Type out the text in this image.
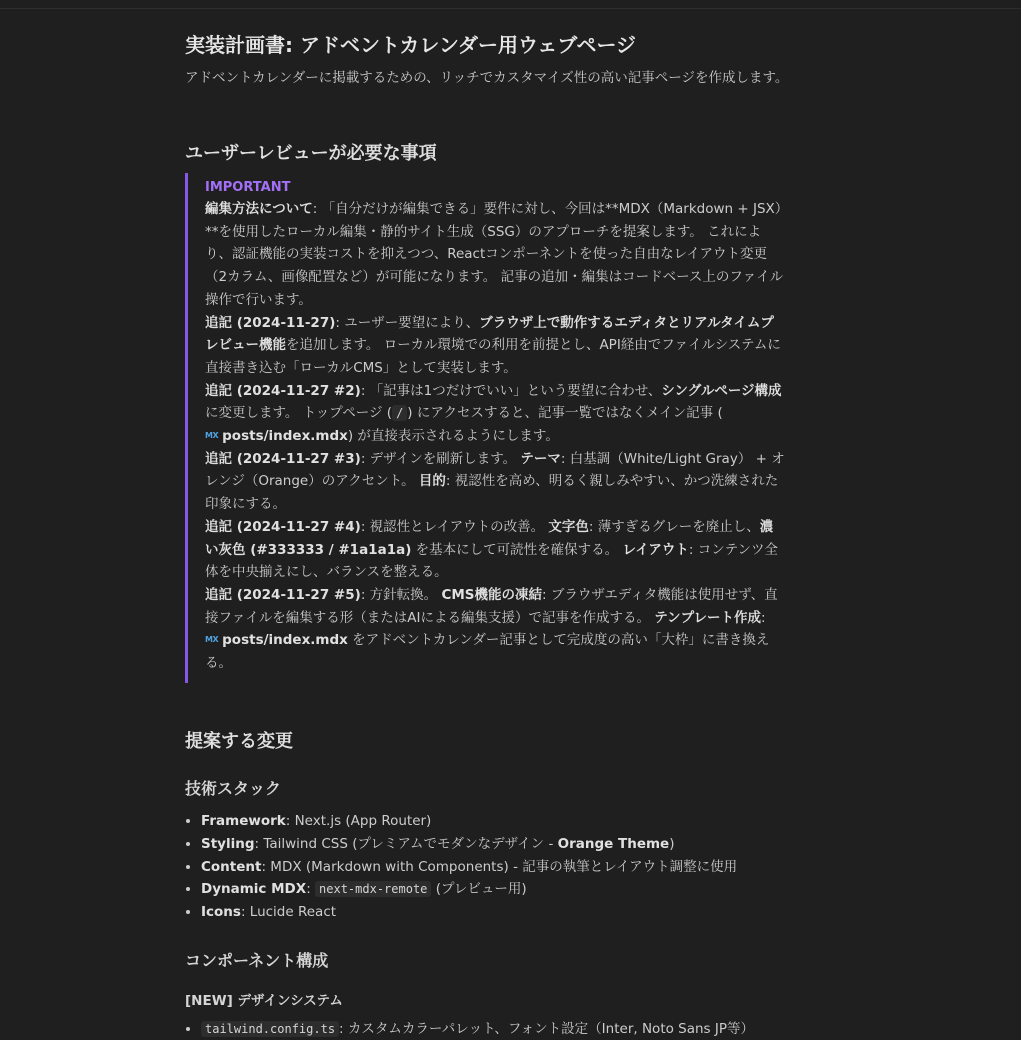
実装計画書: アドベントカレンダー用ウェブページ

アドベントカレンダーに掲載するための、リッチでカスタマイズ性の高い記事ページを作成します。

ユーザーレビューが必要な事項
IMPORTANT

編集方法について: 「自分だけが編集できる」要件に対し、今回は**MDX（Markdown + JSX）**を使用したローカル編集・静的サイト生成（SSG）のアプローチを提案します。 これにより、認証機能の実装コストを抑えつつ、Reactコンポーネントを使った自由なレイアウト変更（2カラム、画像配置など）が可能になります。 記事の追加・編集はコードベース上のファイル操作で行います。

追記 (2024-11-27): ユーザー要望により、ブラウザ上で動作するエディタとリアルタイムプレビュー機能を追加します。 ローカル環境での利用を前提とし、API経由でファイルシステムに直接書き込む「ローカルCMS」として実装します。

追記 (2024-11-27 #2): 「記事は1つだけでいい」という要望に合わせ、シングルページ構成に変更します。 トップページ ( / ) にアクセスすると、記事一覧ではなくメイン記事 (MX posts/index.mdx) が直接表示されるようにします。

追記 (2024-11-27 #3): デザインを刷新します。 テーマ: 白基調（White/Light Gray） + オレンジ（Orange）のアクセント。 目的: 視認性を高め、明るく親しみやすい、かつ洗練された印象にする。

追記 (2024-11-27 #4): 視認性とレイアウトの改善。 文字色: 薄すぎるグレーを廃止し、濃い灰色 (#333333 / #1a1a1a) を基本にして可読性を確保する。 レイアウト: コンテンツ全体を中央揃えにし、バランスを整える。

追記 (2024-11-27 #5): 方針転換。 CMS機能の凍結: ブラウザエディタ機能は使用せず、直接ファイルを編集する形（またはAIによる編集支援）で記事を作成する。 テンプレート作成: MX posts/index.mdx をアドベントカレンダー記事として完成度の高い「大枠」に書き換える。

提案する変更
技術スタック
• Framework: Next.js (App Router)
• Styling: Tailwind CSS (プレミアムでモダンなデザイン - Orange Theme)
• Content: MDX (Markdown with Components) - 記事の執筆とレイアウト調整に使用
• Dynamic MDX: next-mdx-remote (プレビュー用)
• Icons: Lucide React
コンポーネント構成
[NEW] デザインシステム
• tailwind.config.ts : カスタムカラーパレット、フォント設定（Inter, Noto Sans JP等）
